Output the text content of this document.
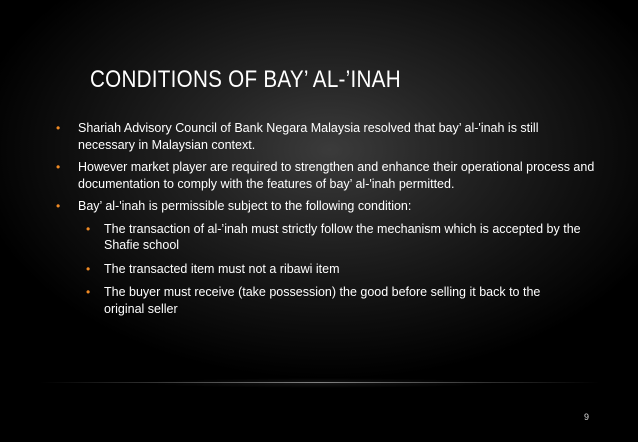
CONDITIONS OF BAY’ AL-’INAH
• Shariah Advisory Council of Bank Negara Malaysia resolved that bay’ al-'inah is still necessary in Malaysian context.
• However market player are required to strengthen and enhance their operational process and documentation to comply with the features of bay’ al-'inah permitted.
• Bay’ al-'inah is permissible subject to the following condition:
• The transaction of al-’inah must strictly follow the mechanism which is accepted by the Shafie school
• The transacted item must not a ribawi item
• The buyer must receive (take possession) the good before selling it back to the original seller
9
